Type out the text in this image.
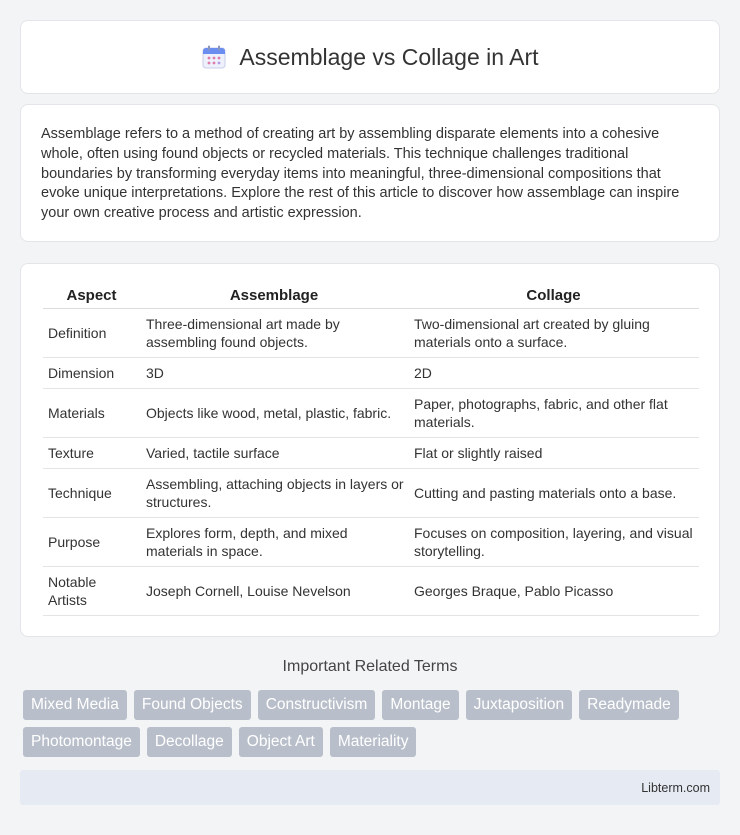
Assemblage vs Collage in Art

Assemblage refers to a method of creating art by assembling disparate elements into a cohesive whole, often using found objects or recycled materials. This technique challenges traditional boundaries by transforming everyday items into meaningful, three-dimensional compositions that evoke unique interpretations. Explore the rest of this article to discover how assemblage can inspire your own creative process and artistic expression.

Aspect	Assemblage	Collage
Definition	Three-dimensional art made by assembling found objects.	Two-dimensional art created by gluing materials onto a surface.
Dimension	3D	2D
Materials	Objects like wood, metal, plastic, fabric.	Paper, photographs, fabric, and other flat materials.
Texture	Varied, tactile surface	Flat or slightly raised
Technique	Assembling, attaching objects in layers or structures.	Cutting and pasting materials onto a base.
Purpose	Explores form, depth, and mixed materials in space.	Focuses on composition, layering, and visual storytelling.
Notable Artists	Joseph Cornell, Louise Nevelson	Georges Braque, Pablo Picasso
Important Related Terms
Mixed Media	Found Objects	Constructivism	Montage	Juxtaposition	Readymade
Photomontage	Decollage	Object Art	Materiality
Libterm.com
